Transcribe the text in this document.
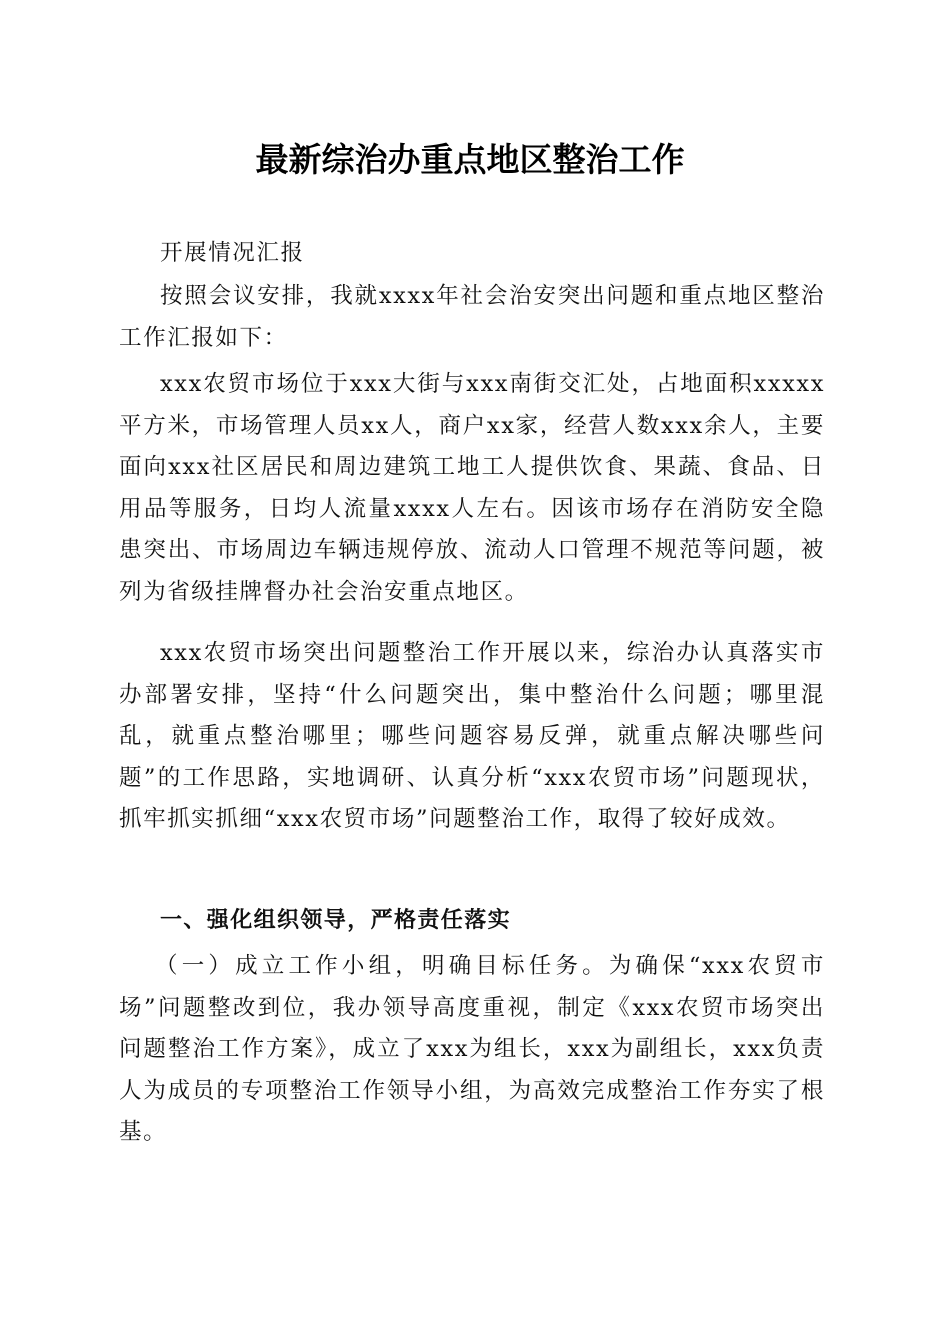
最新综治办重点地区整治工作
开展情况汇报
按照会议安排，我就xxxx年社会治安突出问题和重点地区整治工作汇报如下：
xxx农贸市场位于xxx大街与xxx南街交汇处，占地面积xxxxx平方米，市场管理人员xx人，商户xx家，经营人数xxx余人，主要面向xxx社区居民和周边建筑工地工人提供饮食、果蔬、食品、日用品等服务，日均人流量xxxx人左右。因该市场存在消防安全隐患突出、市场周边车辆违规停放、流动人口管理不规范等问题，被列为省级挂牌督办社会治安重点地区。
xxx农贸市场突出问题整治工作开展以来，综治办认真落实市办部署安排，坚持“什么问题突出，集中整治什么问题；哪里混乱，就重点整治哪里；哪些问题容易反弹，就重点解决哪些问题”的工作思路，实地调研、认真分析“xxx农贸市场”问题现状，抓牢抓实抓细“xxx农贸市场”问题整治工作，取得了较好成效。
一、强化组织领导，严格责任落实
（一）成立工作小组，明确目标任务。为确保“xxx农贸市场”问题整改到位，我办领导高度重视，制定《xxx农贸市场突出问题整治工作方案》，成立了xxx为组长，xxx为副组长，xxx负责人为成员的专项整治工作领导小组，为高效完成整治工作夯实了根基。
